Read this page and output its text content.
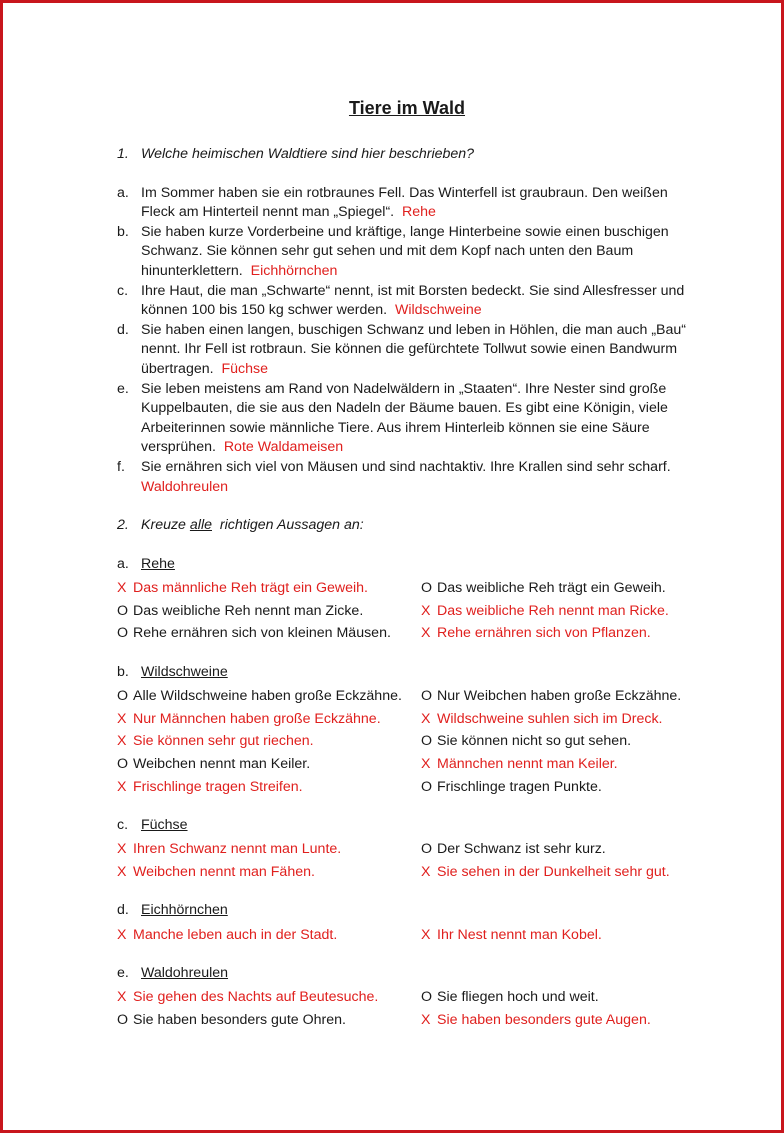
Tiere im Wald
1. Welche heimischen Waldtiere sind hier beschrieben?
a. Im Sommer haben sie ein rotbraunes Fell. Das Winterfell ist graubraun. Den weißen Fleck am Hinterteil nennt man „Spiegel“. Rehe
b. Sie haben kurze Vorderbeine und kräftige, lange Hinterbeine sowie einen buschigen Schwanz. Sie können sehr gut sehen und mit dem Kopf nach unten den Baum hinunterklettern. Eichhörnchen
c. Ihre Haut, die man „Schwarte“ nennt, ist mit Borsten bedeckt. Sie sind Allesfresser und können 100 bis 150 kg schwer werden. Wildschweine
d. Sie haben einen langen, buschigen Schwanz und leben in Höhlen, die man auch „Bau“ nennt. Ihr Fell ist rotbraun. Sie können die gefürchtete Tollwut sowie einen Bandwurm übertragen. Füchse
e. Sie leben meistens am Rand von Nadelwäldern in „Staaten“. Ihre Nester sind große Kuppelbauten, die sie aus den Nadeln der Bäume bauen. Es gibt eine Königin, viele Arbeiterinnen sowie männliche Tiere. Aus ihrem Hinterleib können sie eine Säure versprühen. Rote Waldameisen
f.	Sie ernähren sich viel von Mäusen und sind nachtaktiv. Ihre Krallen sind sehr scharf.
Waldohreulen
2. Kreuze alle richtigen Aussagen an:
a. Rehe
X Das männliche Reh trägt ein Geweih.	O Das weibliche Reh trägt ein Geweih.
O Das weibliche Reh nennt man Zicke.	X Das weibliche Reh nennt man Ricke.
O Rehe ernähren sich von kleinen Mäusen.	X Rehe ernähren sich von Pflanzen.
b. Wildschweine
O Alle Wildschweine haben große Eckzähne.	O Nur Weibchen haben große Eckzähne.
X Nur Männchen haben große Eckzähne.	X Wildschweine suhlen sich im Dreck.
X Sie können sehr gut riechen.	O Sie können nicht so gut sehen.
O Weibchen nennt man Keiler.	X Männchen nennt man Keiler.
X Frischlinge tragen Streifen.	O Frischlinge tragen Punkte.
c. Füchse
X Ihren Schwanz nennt man Lunte.	O Der Schwanz ist sehr kurz.
X Weibchen nennt man Fähen.	X Sie sehen in der Dunkelheit sehr gut.
d. Eichhörnchen
X Manche leben auch in der Stadt.	X Ihr Nest nennt man Kobel.
e. Waldohreulen
X Sie gehen des Nachts auf Beutesuche.	O Sie fliegen hoch und weit.
O Sie haben besonders gute Ohren.	X Sie haben besonders gute Augen.
